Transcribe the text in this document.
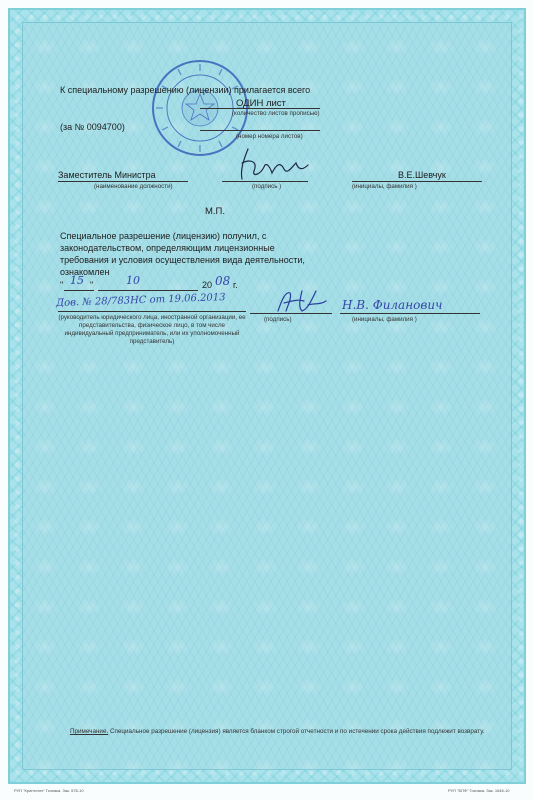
К специальному разрешению (лицензии) прилагается всего
ОДИН лист
(количество листов прописью)
(за № 0094700)
(номер номера листов)
Заместитель Министра
(наименование должности)	(подпись )
В.Е.Шевчук
(инициалы, фамилия )
М.П.
Специальное разрешение (лицензию) получил, с законодательством, определяющим лицензионные требования и условия осуществления вида деятельности, ознакомлен
" 15 "	10	20 08 г.
Дов. № 28/783НС от 19.06.2013
(руководитель юридического лица, иностранной организации, ее представительства, физическое лицо, в том числе индивидуальный предприниматель, или их уполномоченный представитель)
(подпись)
Н.В. Филанович
(инициалы, фамилия )
Примечание. Специальное разрешение (лицензия) является бланком строгой отчетности и по истечении срока действия подлежит возврату.
РУП "Криптотех" Гознака. Зак. 578-10	РУП "БПФ" Гознака. Зак. 1646-10
